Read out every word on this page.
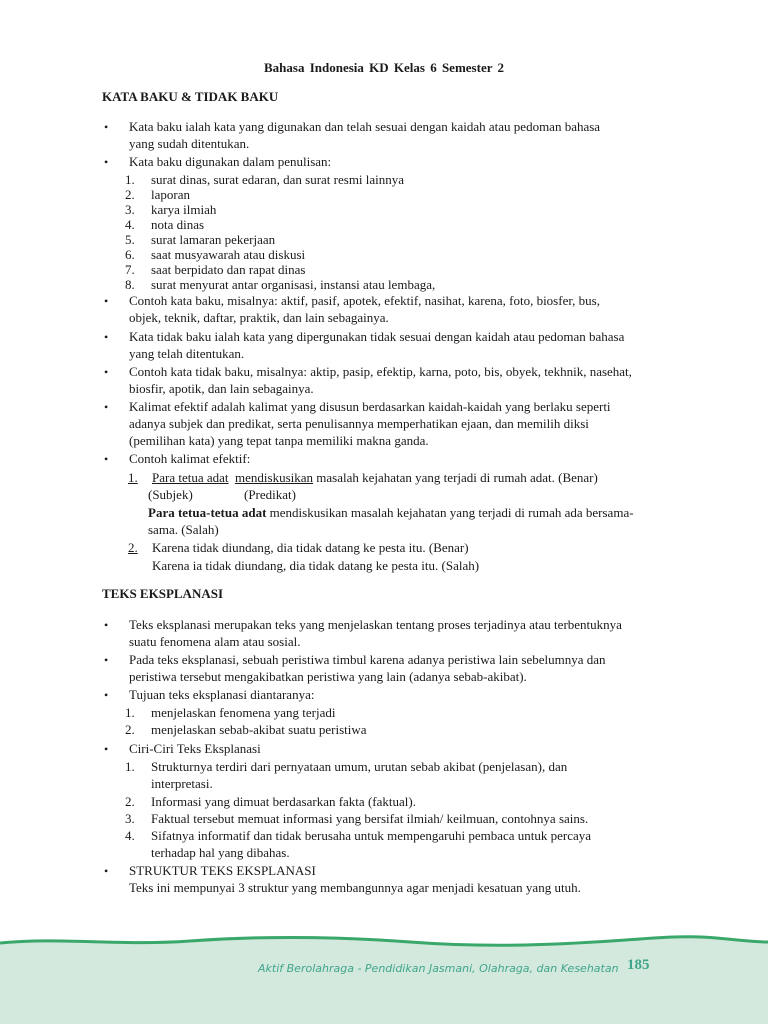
Bahasa Indonesia KD Kelas 6 Semester 2
KATA BAKU & TIDAK BAKU
• Kata baku ialah kata yang digunakan dan telah sesuai dengan kaidah atau pedoman bahasa
yang sudah ditentukan.
• Kata baku digunakan dalam penulisan:
1. surat dinas, surat edaran, dan surat resmi lainnya
2. laporan
3. karya ilmiah
4. nota dinas
5. surat lamaran pekerjaan
6. saat musyawarah atau diskusi
7. saat berpidato dan rapat dinas
8. surat menyurat antar organisasi, instansi atau lembaga,
• Contoh kata baku, misalnya: aktif, pasif, apotek, efektif, nasihat, karena, foto, biosfer, bus,
objek, teknik, daftar, praktik, dan lain sebagainya.
• Kata tidak baku ialah kata yang dipergunakan tidak sesuai dengan kaidah atau pedoman bahasa
yang telah ditentukan.
• Contoh kata tidak baku, misalnya: aktip, pasip, efektip, karna, poto, bis, obyek, tekhnik, nasehat,
biosfir, apotik, dan lain sebagainya.
• Kalimat efektif adalah kalimat yang disusun berdasarkan kaidah-kaidah yang berlaku seperti
adanya subjek dan predikat, serta penulisannya memperhatikan ejaan, dan memilih diksi
(pemilihan kata) yang tepat tanpa memiliki makna ganda.
• Contoh kalimat efektif:
1. Para tetua adat mendiskusikan masalah kejahatan yang terjadi di rumah adat. (Benar)
(Subjek)	(Predikat)
Para tetua-tetua adat mendiskusikan masalah kejahatan yang terjadi di rumah ada bersama-
sama. (Salah)
2. Karena tidak diundang, dia tidak datang ke pesta itu. (Benar)
Karena ia tidak diundang, dia tidak datang ke pesta itu. (Salah)
TEKS EKSPLANASI
• Teks eksplanasi merupakan teks yang menjelaskan tentang proses terjadinya atau terbentuknya
suatu fenomena alam atau sosial.
• Pada teks eksplanasi, sebuah peristiwa timbul karena adanya peristiwa lain sebelumnya dan
peristiwa tersebut mengakibatkan peristiwa yang lain (adanya sebab-akibat).
• Tujuan teks eksplanasi diantaranya:
1. menjelaskan fenomena yang terjadi
2. menjelaskan sebab-akibat suatu peristiwa
• Ciri-Ciri Teks Eksplanasi
1. Strukturnya terdiri dari pernyataan umum, urutan sebab akibat (penjelasan), dan
interpretasi.
2. Informasi yang dimuat berdasarkan fakta (faktual).
3. Faktual tersebut memuat informasi yang bersifat ilmiah/ keilmuan, contohnya sains.
4. Sifatnya informatif dan tidak berusaha untuk mempengaruhi pembaca untuk percaya
terhadap hal yang dibahas.
• STRUKTUR TEKS EKSPLANASI
Teks ini mempunyai 3 struktur yang membangunnya agar menjadi kesatuan yang utuh.
Aktif Berolahraga - Pendidikan Jasmani, Olahraga, dan Kesehatan 185
